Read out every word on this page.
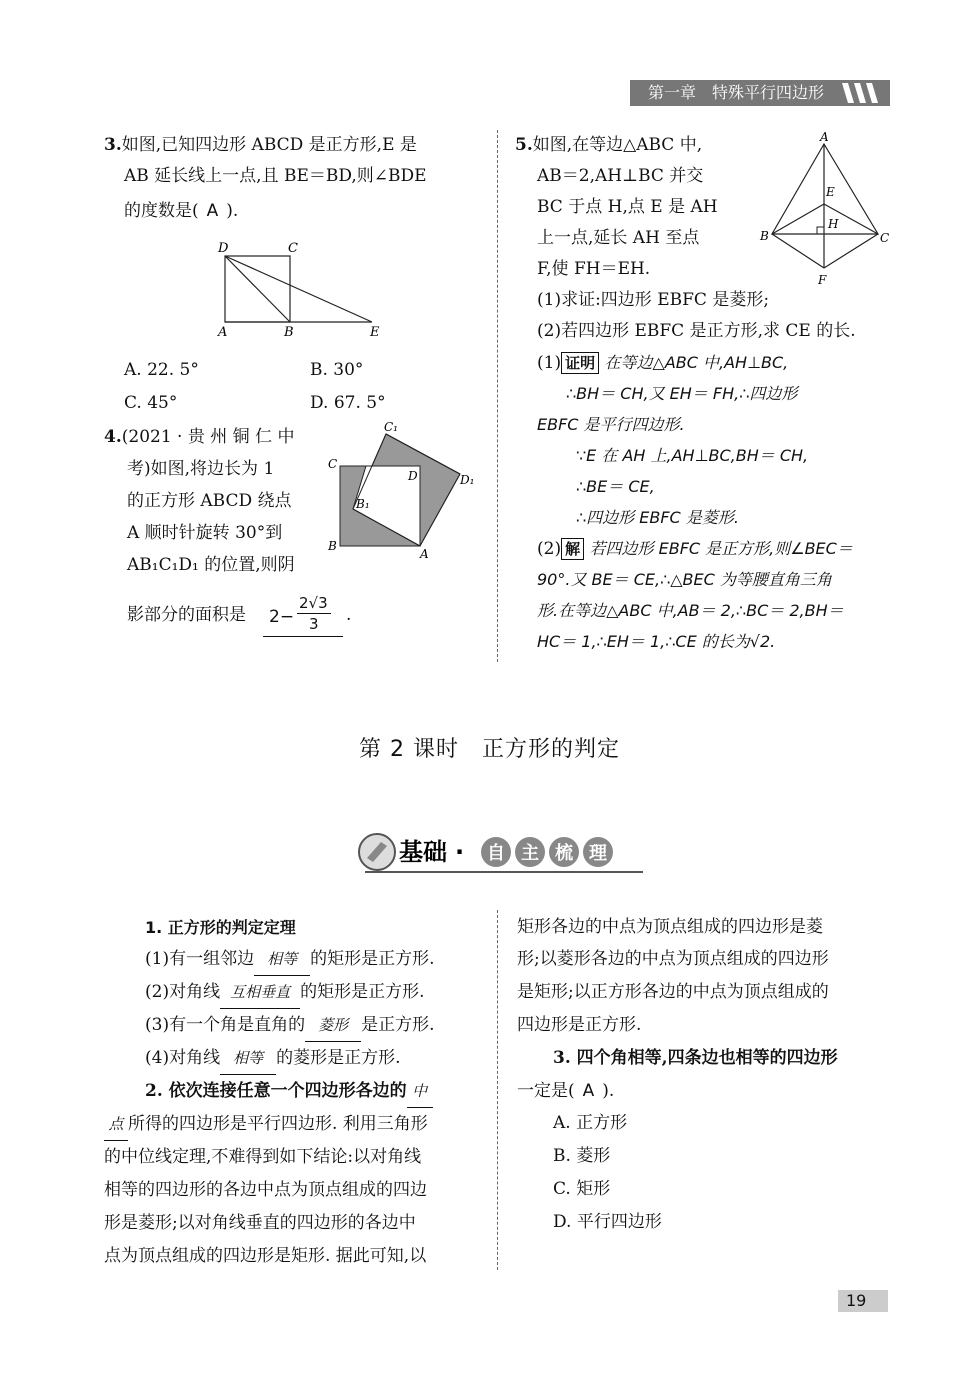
第一章　特殊平行四边形
3.如图,已知四边形 ABCD 是正方形,E 是
AB 延长线上一点,且 BE＝BD,则∠BDE
的度数是( A ).
D	C
A	B	E
A. 22. 5°	B. 30°
C. 45°	D. 67. 5°
4.(2021 · 贵 州 铜 仁 中
考)如图,将边长为 1
的正方形 ABCD 绕点
A 顺时针旋转 30°到
AB₁C₁D₁ 的位置,则阴
影部分的面积是 2−
2√3
3 .
C₁
C
D	D₁
B₁
B
A
5.如图,在等边△ABC 中,
AB＝2,AH⊥BC 并交
BC 于点 H,点 E 是 AH
上一点,延长 AH 至点
F,使 FH＝EH.
A
E
H
B	C
F
(1)求证:四边形 EBFC 是菱形;
(2)若四边形 EBFC 是正方形,求 CE 的长.
(1) 证明 在等边△ABC 中,AH⊥BC,
∴BH＝ CH,又 EH＝ FH,∴四边形
EBFC 是平行四边形.
∵E 在 AH 上,AH⊥BC,BH＝ CH,
∴BE＝ CE,
∴四边形 EBFC 是菱形.
(2) 解 若四边形 EBFC 是正方形,则∠BEC＝
90°.又 BE＝ CE,∴△BEC 为等腰直角三角
形.在等边△ABC 中,AB＝ 2,∴BC＝ 2,BH＝
HC＝ 1,∴EH＝ 1,∴CE 的长为√2.
第 2 课时　正方形的判定
基础 · 自 主 梳 理
1. 正方形的判定定理
(1)有一组邻边 相等 的矩形是正方形.
(2)对角线 互相垂直 的矩形是正方形.
(3)有一个角是直角的 菱形 是正方形.
(4)对角线 相等 的菱形是正方形.
2. 依次连接任意一个四边形各边的 中
点 所得的四边形是平行四边形. 利用三角形
的中位线定理,不难得到如下结论:以对角线
相等的四边形的各边中点为顶点组成的四边
形是菱形;以对角线垂直的四边形的各边中
点为顶点组成的四边形是矩形. 据此可知,以
矩形各边的中点为顶点组成的四边形是菱
形;以菱形各边的中点为顶点组成的四边形
是矩形;以正方形各边的中点为顶点组成的
四边形是正方形.
3. 四个角相等,四条边也相等的四边形
一定是( A ).
A. 正方形
B. 菱形
C. 矩形
D. 平行四边形
19
